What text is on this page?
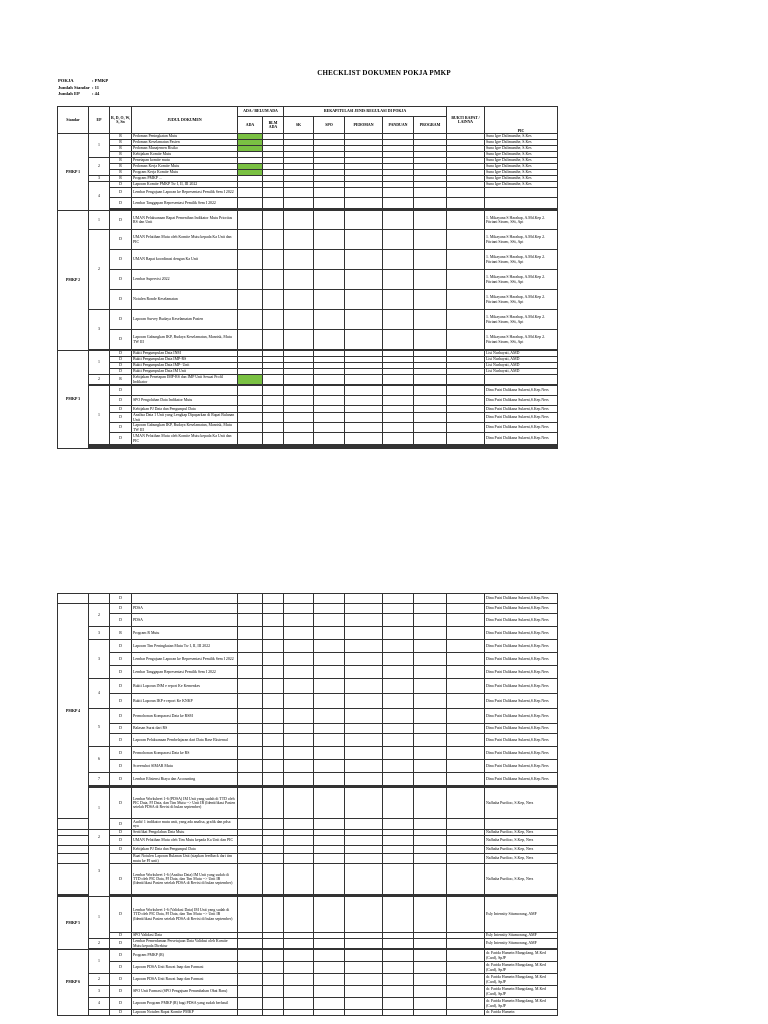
CHECKLIST DOKUMEN POKJA PMKP
POKJA	: PMKP
Jumlah Standar : 11
Jumlah EP	: 44
Standar	EP	R, D, O, W, S, Sn	JUDUL DOKUMEN	ADA / BELUM ADA		REKAPITULASI JENIS REGULASI DI POKJA					BUKTI RAPAT / LAINYA	PIC
				ADA	BLM ADA	SK	SPO	PEDOMAN	PANDUAN	PROGRAM		
PMKP 1	1	R	Pedoman Peningkatan Mutu									Suna Igre Dalimunthe, S.Kes
		R	Pedoman Keselamatan Pasien									Suna Igre Dalimunthe, S.Kes
		R	Pedoman Manajemen Risiko									Suna Igre Dalimunthe, S.Kes
		R	Kebijakan Komite Mutu									Suna Igre Dalimunthe, S.Kes
	2	R	Penetapan komite mutu									Suna Igre Dalimunthe, S.Kes
		R	Pedoman Kerja Komite Mutu									Suna Igre Dalimunthe, S.Kes
		R	Program Kerja Komite Mutu									Suna Igre Dalimunthe, S.Kes
	3	R	Program PMKP ...									Suna Igre Dalimunthe, S.Kes
	4	D	Laporan Komite PMKP Tw I, II, III 2022									Suna Igre Dalimunthe, S.Kes
		D	Lembar Pengajuan Laporan ke Representasi Pemilik Sem I 2022									
		D	Lembar Tanggapan Representasi Pemilik Sem I 2022									

PMKP 2	1	D	UMAN Pelaksanaan Rapat Pemenihan Indikator Mutu Prioritas RS dan Unit									1. Mikayana S Harahap, A.Md.Kep 2. Fitriani Siraeo, SSt, Apt
	2	D	UMAN Pelatihan Mutu oleh Komite Mutu kepada Ka Unit dan PIC									1. Mikayana S Harahap, A.Md.Kep 2. Fitriani Siraeo, SSt, Apt
		D	UMAN Rapat koordinasi dengan Ka Unit									1. Mikayana S Harahap, A.Md.Kep 2. Fitriani Siraeo, SSt, Apt
		D	Lembar Supervisi 2022									1. Mikayana S Harahap, A.Md.Kep 2. Fitriani Siraeo, SSt, Apt
		D	Notulen Ronde Keselamatan									1. Mikayana S Harahap, A.Md.Kep 2. Fitriani Siraeo, SSt, Apt
	3	D	Laporan Survey Budaya Keselamatan Pasien									1. Mikayana S Harahap, A.Md.Kep 2. Fitriani Siraeo, SSt, Apt
		D	Laporan Gabungkan IKP, Budaya Keselamatan, Manrisk, Mutu TW III									1. Mikayana S Harahap, A.Md.Kep 2. Fitriani Siraeo, SSt, Apt

PMKP 3	1	D	Bukti Pengumpulan Data INM									Lisi Nurhayati, AMD
		D	Bukti Pengumpulan Data IMP-RS									Lisi Nurhayati, AMD
		D	Bukti Pengumpulan Data IMP- Unit									Lisi Nurhayati, AMD
		D	Bukti Pengumpulan Data IM Unit									Lisi Nurhayati, AMD
	2	R	Kebijakan Penetapan IMP-RS dan IMP Unit Sesuai Profil Indikator									

	1	D										Dina Putri Dalikana Sulaeni,S.Kep.Ners
		D	SPO Pengolahan Data Indikator Mutu									Dina Putri Dalikana Sulaeni,S.Kep.Ners
		D	Kebijakan PJ Data dan Pengumpul Data									Dina Putri Dalikana Sulaeni,S.Kep.Ners
		D	Analisa Data 1 Unit yang Lengkap Dipaparkan di Rapat Bulanan Unit									Dina Putri Dalikana Sulaeni,S.Kep.Ners
		D	Laporan Gabungkan IKP, Budaya Keselamatan, Manrisk, Mutu TW III									Dina Putri Dalikana Sulaeni,S.Kep.Ners
		D	UMAN Pelatihan Mutu oleh Komite Mutu kepada Ka Unit dan PIC									Dina Putri Dalikana Sulaeni,S.Kep.Ners

		D										Dina Putri Dalikana Sulaeni,S.Kep.Ners
PMKP 4	2	D	PDSA									Dina Putri Dalikana Sulaeni,S.Kep.Ners
		D	PDSA									Dina Putri Dalikana Sulaeni,S.Kep.Ners
	3	R	Program R Mutu									Dina Putri Dalikana Sulaeni,S.Kep.Ners
	3	D	Laporan Tim Peningkatan Mutu Tw I, II, III 2022									Dina Putri Dalikana Sulaeni,S.Kep.Ners
		D	Lembar Pengajuan Laporan ke Representasi Pemilik Sem I 2022									Dina Putri Dalikana Sulaeni,S.Kep.Ners
		D	Lembar Tanggapan Representasi Pemilik Sem I 2022									Dina Putri Dalikana Sulaeni,S.Kep.Ners
	4	D	Bukti Laporan INM e report Ke Kemenkes									Dina Putri Dalikana Sulaeni,S.Kep.Ners
		D	Bukti Laporan IKP e report Ke KNKP									Dina Putri Dalikana Sulaeni,S.Kep.Ners
	5	D	Permohonan Komparasi Data ke RSM									Dina Putri Dalikana Sulaeni,S.Kep.Ners
		D	Balasan Surat dari RS									Dina Putri Dalikana Sulaeni,S.Kep.Ners
		D	Laporan Pelaksanaan Pembelajaran dari Data Base Eksternal									Dina Putri Dalikana Sulaeni,S.Kep.Ners
	6	D	Permohonan Komparasi Data ke RS									Dina Putri Dalikana Sulaeni,S.Kep.Ners
		D	Screenshot SIMAR Mutu									Dina Putri Dalikana Sulaeni,S.Kep.Ners
	7	D	Lembar Efisiensi Biaya dan Accounting									Dina Putri Dalikana Sulaeni,S.Kep.Ners

	1	D	Lembar Worksheet 1-6 (PDSA) IM Unit yang sudah di TTD oleh PIC Data, PJ Data, dan Tim Mutu --> Unit IB (Identifikasi Pasien setelah PDSA di Revisi di bulan september)									Nafhaha Purdioo, S.Kep, Ners
		D	Audit/ 1 indikator mutu unit, yang ada analisa, grafik dan pdsa nya									
	2	D	Sertifikat Pengolahan Data Mutu									Nafhaha Purdioo, S.Kep, Ners
		D	UMAN Pelatihan Mutu oleh Tim Mutu kepada Ka Unit dan PIC									Nafhaha Purdioo, S.Kep, Ners
	3	D	Kebijakan PJ Data dan Pengumpul Data									Nafhaha Purdioo, S.Kep, Ners
			Buat Notulen Laporan Bulanan Unit (siapkan feedback dari tim mutu ke PJ unit)									Nafhaha Purdioo, S.Kep, Ners
		D	Lembar Worksheet 1-6 (Analisa Data) IM Unit yang sudah di TTD oleh PIC Data, PJ Data, dan Tim Mutu --> Unit IB (Identifikasi Pasien setelah PDSA di Revisi di bulan september)									Nafhaha Purdioo, S.Kep, Ners

PMKP 5	1	D	Lembar Worksheet 1-6 (Validasi Data) IM Unit yang sudah di TTD oleh PIC Data, PJ Data, dan Tim Mutu --> Unit IB (Identifikasi Pasien setelah PDSA di Revisi di bulan september)									Esly Intensity Situmorang, AMF
		D	SPO Validasi Data									Esly Intensity Situmorang, AMF
	2	D	Lembar Pemerdaman Persetujuan Data Validasi oleh Komite Mutu kepada Direktur									Esly Intensity Situmorang, AMF

PMKP 6	1	D	Program PMKP (R)									dr. Farida Humein Mangolang, M.Ked (Card), SpJP
		D	Laporan PDSA Unit Rawat Inap dan Farmasi									dr. Farida Humein Mangolang, M.Ked (Card), SpJP
	2	D	Laporan PDSA Unit Rawat Inap dan Farmasi									dr. Farida Humein Mangolang, M.Ked (Card), SpJP
	3	D	SPO Unit Farmasi (SPO Pengajuan Penambahan Obat Baru)									dr. Farida Humein Mangolang, M.Ked (Card), SpJP
	4	D	Laporan Program PMKP (R) bagi PDSA yang sudah berhasil									dr. Farida Humein Mangolang, M.Ked (Card), SpJP
		D	Laporan Notulen Rapat Komite PMKP									dr. Farida Humein
